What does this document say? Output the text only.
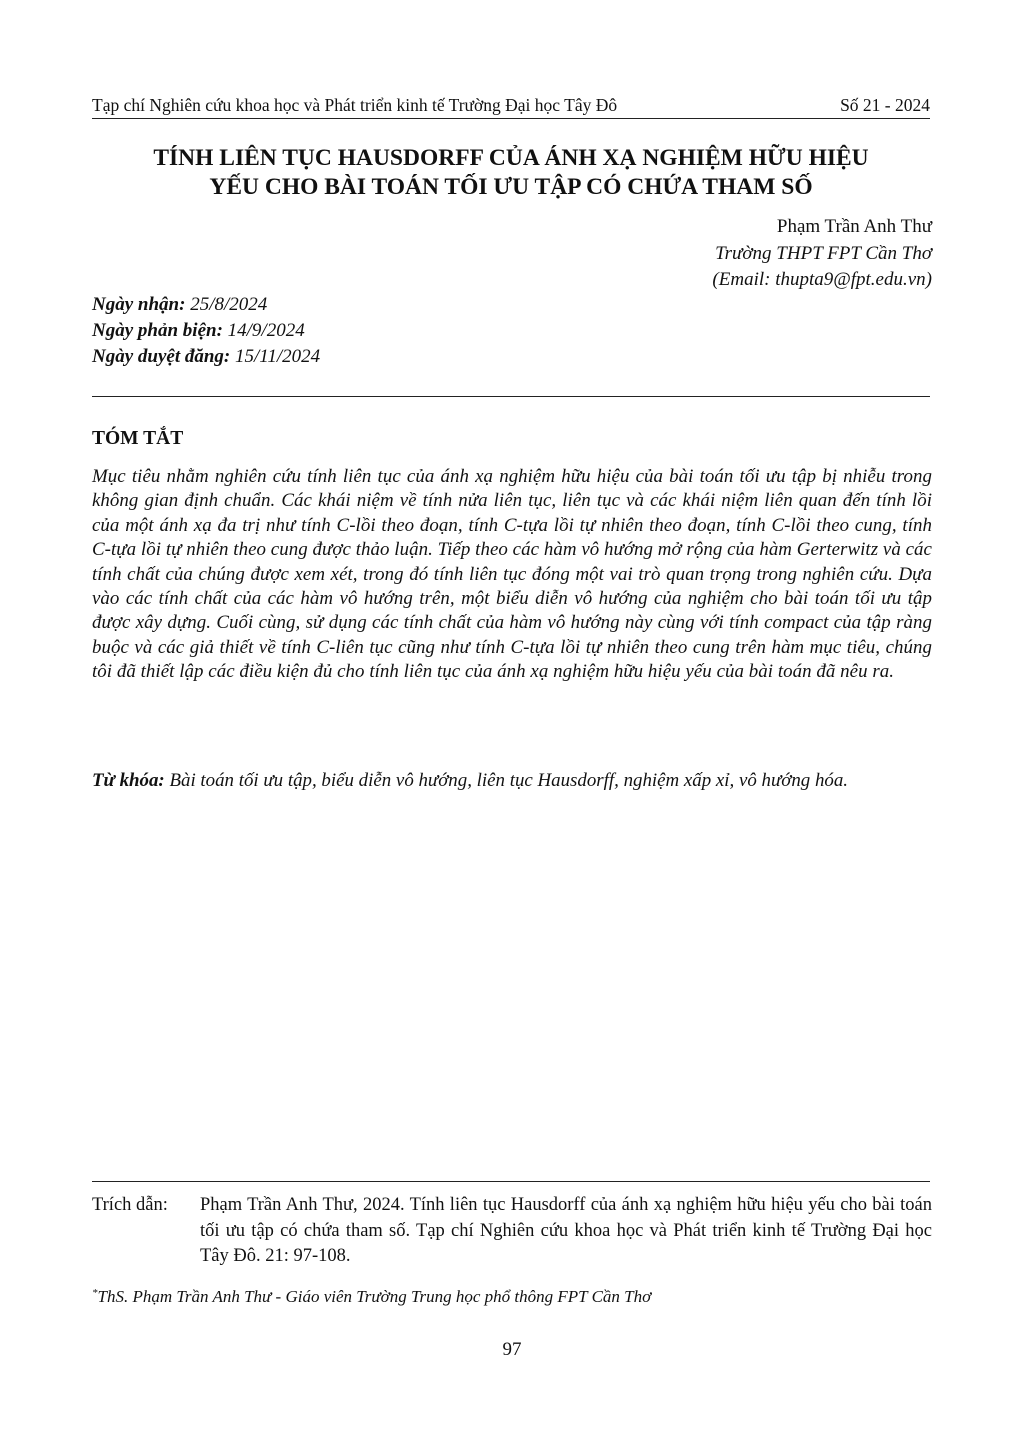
Tạp chí Nghiên cứu khoa học và Phát triển kinh tế Trường Đại học Tây Đô	Số 21 - 2024
TÍNH LIÊN TỤC HAUSDORFF CỦA ÁNH XẠ NGHIỆM HỮU HIỆU
YẾU CHO BÀI TOÁN TỐI ƯU TẬP CÓ CHỨA THAM SỐ
Phạm Trần Anh Thư
Trường THPT FPT Cần Thơ
(Email: thupta9@fpt.edu.vn)
Ngày nhận: 25/8/2024
Ngày phản biện: 14/9/2024
Ngày duyệt đăng: 15/11/2024
TÓM TẮT

Mục tiêu nhằm nghiên cứu tính liên tục của ánh xạ nghiệm hữu hiệu của bài toán tối ưu tập bị nhiễu trong không gian định chuẩn. Các khái niệm về tính nửa liên tục, liên tục và các khái niệm liên quan đến tính lồi của một ánh xạ đa trị như tính C-lồi theo đoạn, tính C-tựa lồi tự nhiên theo đoạn, tính C-lồi theo cung, tính C-tựa lồi tự nhiên theo cung được thảo luận. Tiếp theo các hàm vô hướng mở rộng của hàm Gerterwitz và các tính chất của chúng được xem xét, trong đó tính liên tục đóng một vai trò quan trọng trong nghiên cứu. Dựa vào các tính chất của các hàm vô hướng trên, một biểu diễn vô hướng của nghiệm cho bài toán tối ưu tập được xây dựng. Cuối cùng, sử dụng các tính chất của hàm vô hướng này cùng với tính compact của tập ràng buộc và các giả thiết về tính C-liên tục cũng như tính C-tựa lồi tự nhiên theo cung trên hàm mục tiêu, chúng tôi đã thiết lập các điều kiện đủ cho tính liên tục của ánh xạ nghiệm hữu hiệu yếu của bài toán đã nêu ra.

Từ khóa: Bài toán tối ưu tập, biểu diễn vô hướng, liên tục Hausdorff, nghiệm xấp xỉ, vô hướng hóa.

Trích dẫn: Phạm Trần Anh Thư, 2024. Tính liên tục Hausdorff của ánh xạ nghiệm hữu hiệu yếu cho bài toán tối ưu tập có chứa tham số. Tạp chí Nghiên cứu khoa học và Phát triển kinh tế Trường Đại học Tây Đô. 21: 97-108.
*ThS. Phạm Trần Anh Thư - Giáo viên Trường Trung học phổ thông FPT Cần Thơ
97
